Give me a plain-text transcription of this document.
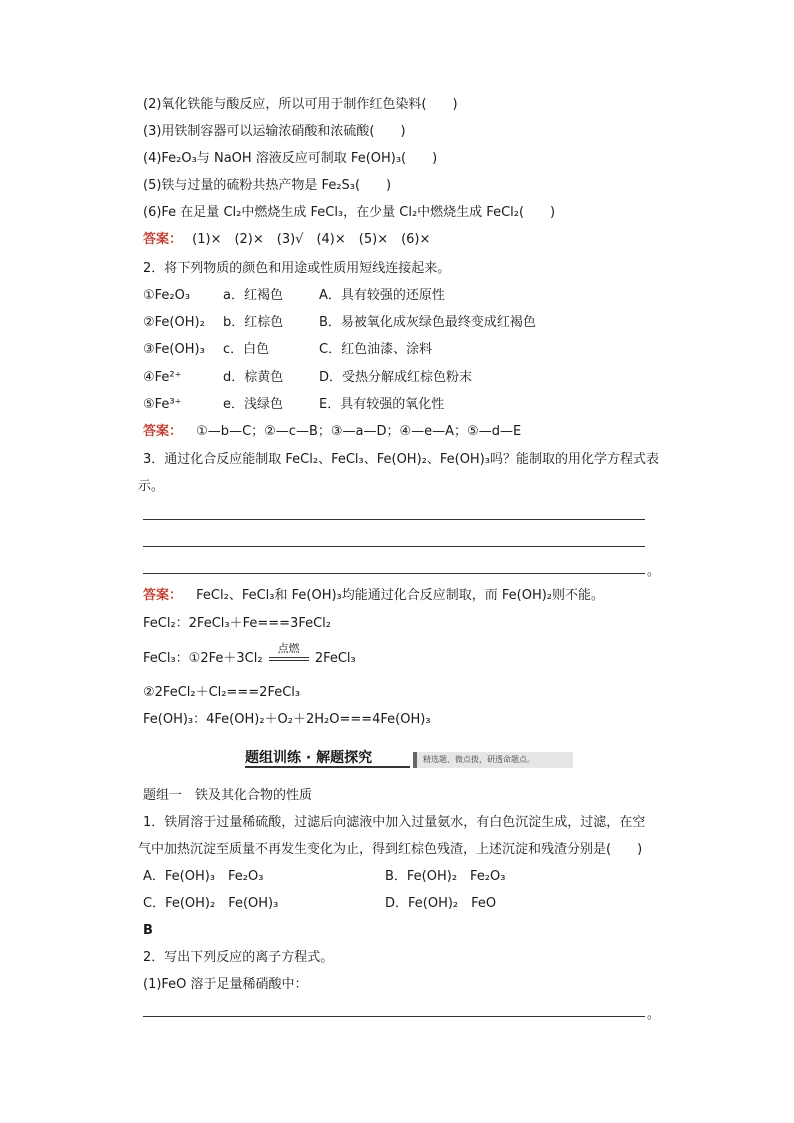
(2)氧化铁能与酸反应，所以可用于制作红色染料(　　)
(3)用铁制容器可以运输浓硝酸和浓硫酸(　　)
(4)Fe₂O₃与 NaOH 溶液反应可制取 Fe(OH)₃(　　)
(5)铁与过量的硫粉共热产物是 Fe₂S₃(　　)
(6)Fe 在足量 Cl₂中燃烧生成 FeCl₃，在少量 Cl₂中燃烧生成 FeCl₂(　　)
答案： (1)×　(2)×　(3)√　(4)×　(5)×　(6)×
2．将下列物质的颜色和用途或性质用短线连接起来。
①Fe₂O₃	a．红褐色	A．具有较强的还原性
②Fe(OH)₂ b．红棕色	B．易被氧化成灰绿色最终变成红褐色
③Fe(OH)₃ c．白色	C．红色油漆、涂料
④Fe²⁺	d．棕黄色	D．受热分解成红棕色粉末
⑤Fe³⁺	e．浅绿色	E．具有较强的氧化性
答案： ①—b—C；②—c—B；③—a—D；④—e—A；⑤—d—E
3．通过化合反应能制取 FeCl₂、FeCl₃、Fe(OH)₂、Fe(OH)₃吗？能制取的用化学方程式表
示。
。
答案： FeCl₂、FeCl₃和 Fe(OH)₃均能通过化合反应制取，而 Fe(OH)₂则不能。
FeCl₂：2FeCl₃＋Fe===3FeCl₂
FeCl₃：①2Fe＋3Cl₂
点燃
2FeCl₃
②2FeCl₂＋Cl₂===2FeCl₃
Fe(OH)₃：4Fe(OH)₂＋O₂＋2H₂O===4Fe(OH)₃
题组训练 · 解题探究	精选题、微点拨，研透命题点。
题组一　铁及其化合物的性质
1．铁屑溶于过量稀硫酸，过滤后向滤液中加入过量氨水，有白色沉淀生成，过滤，在空
气中加热沉淀至质量不再发生变化为止，得到红棕色残渣，上述沉淀和残渣分别是(　　)
A．Fe(OH)₃　Fe₂O₃	B．Fe(OH)₂　Fe₂O₃
C．Fe(OH)₂　Fe(OH)₃	D．Fe(OH)₂　FeO
B
2．写出下列反应的离子方程式。
(1)FeO 溶于足量稀硝酸中：
。
